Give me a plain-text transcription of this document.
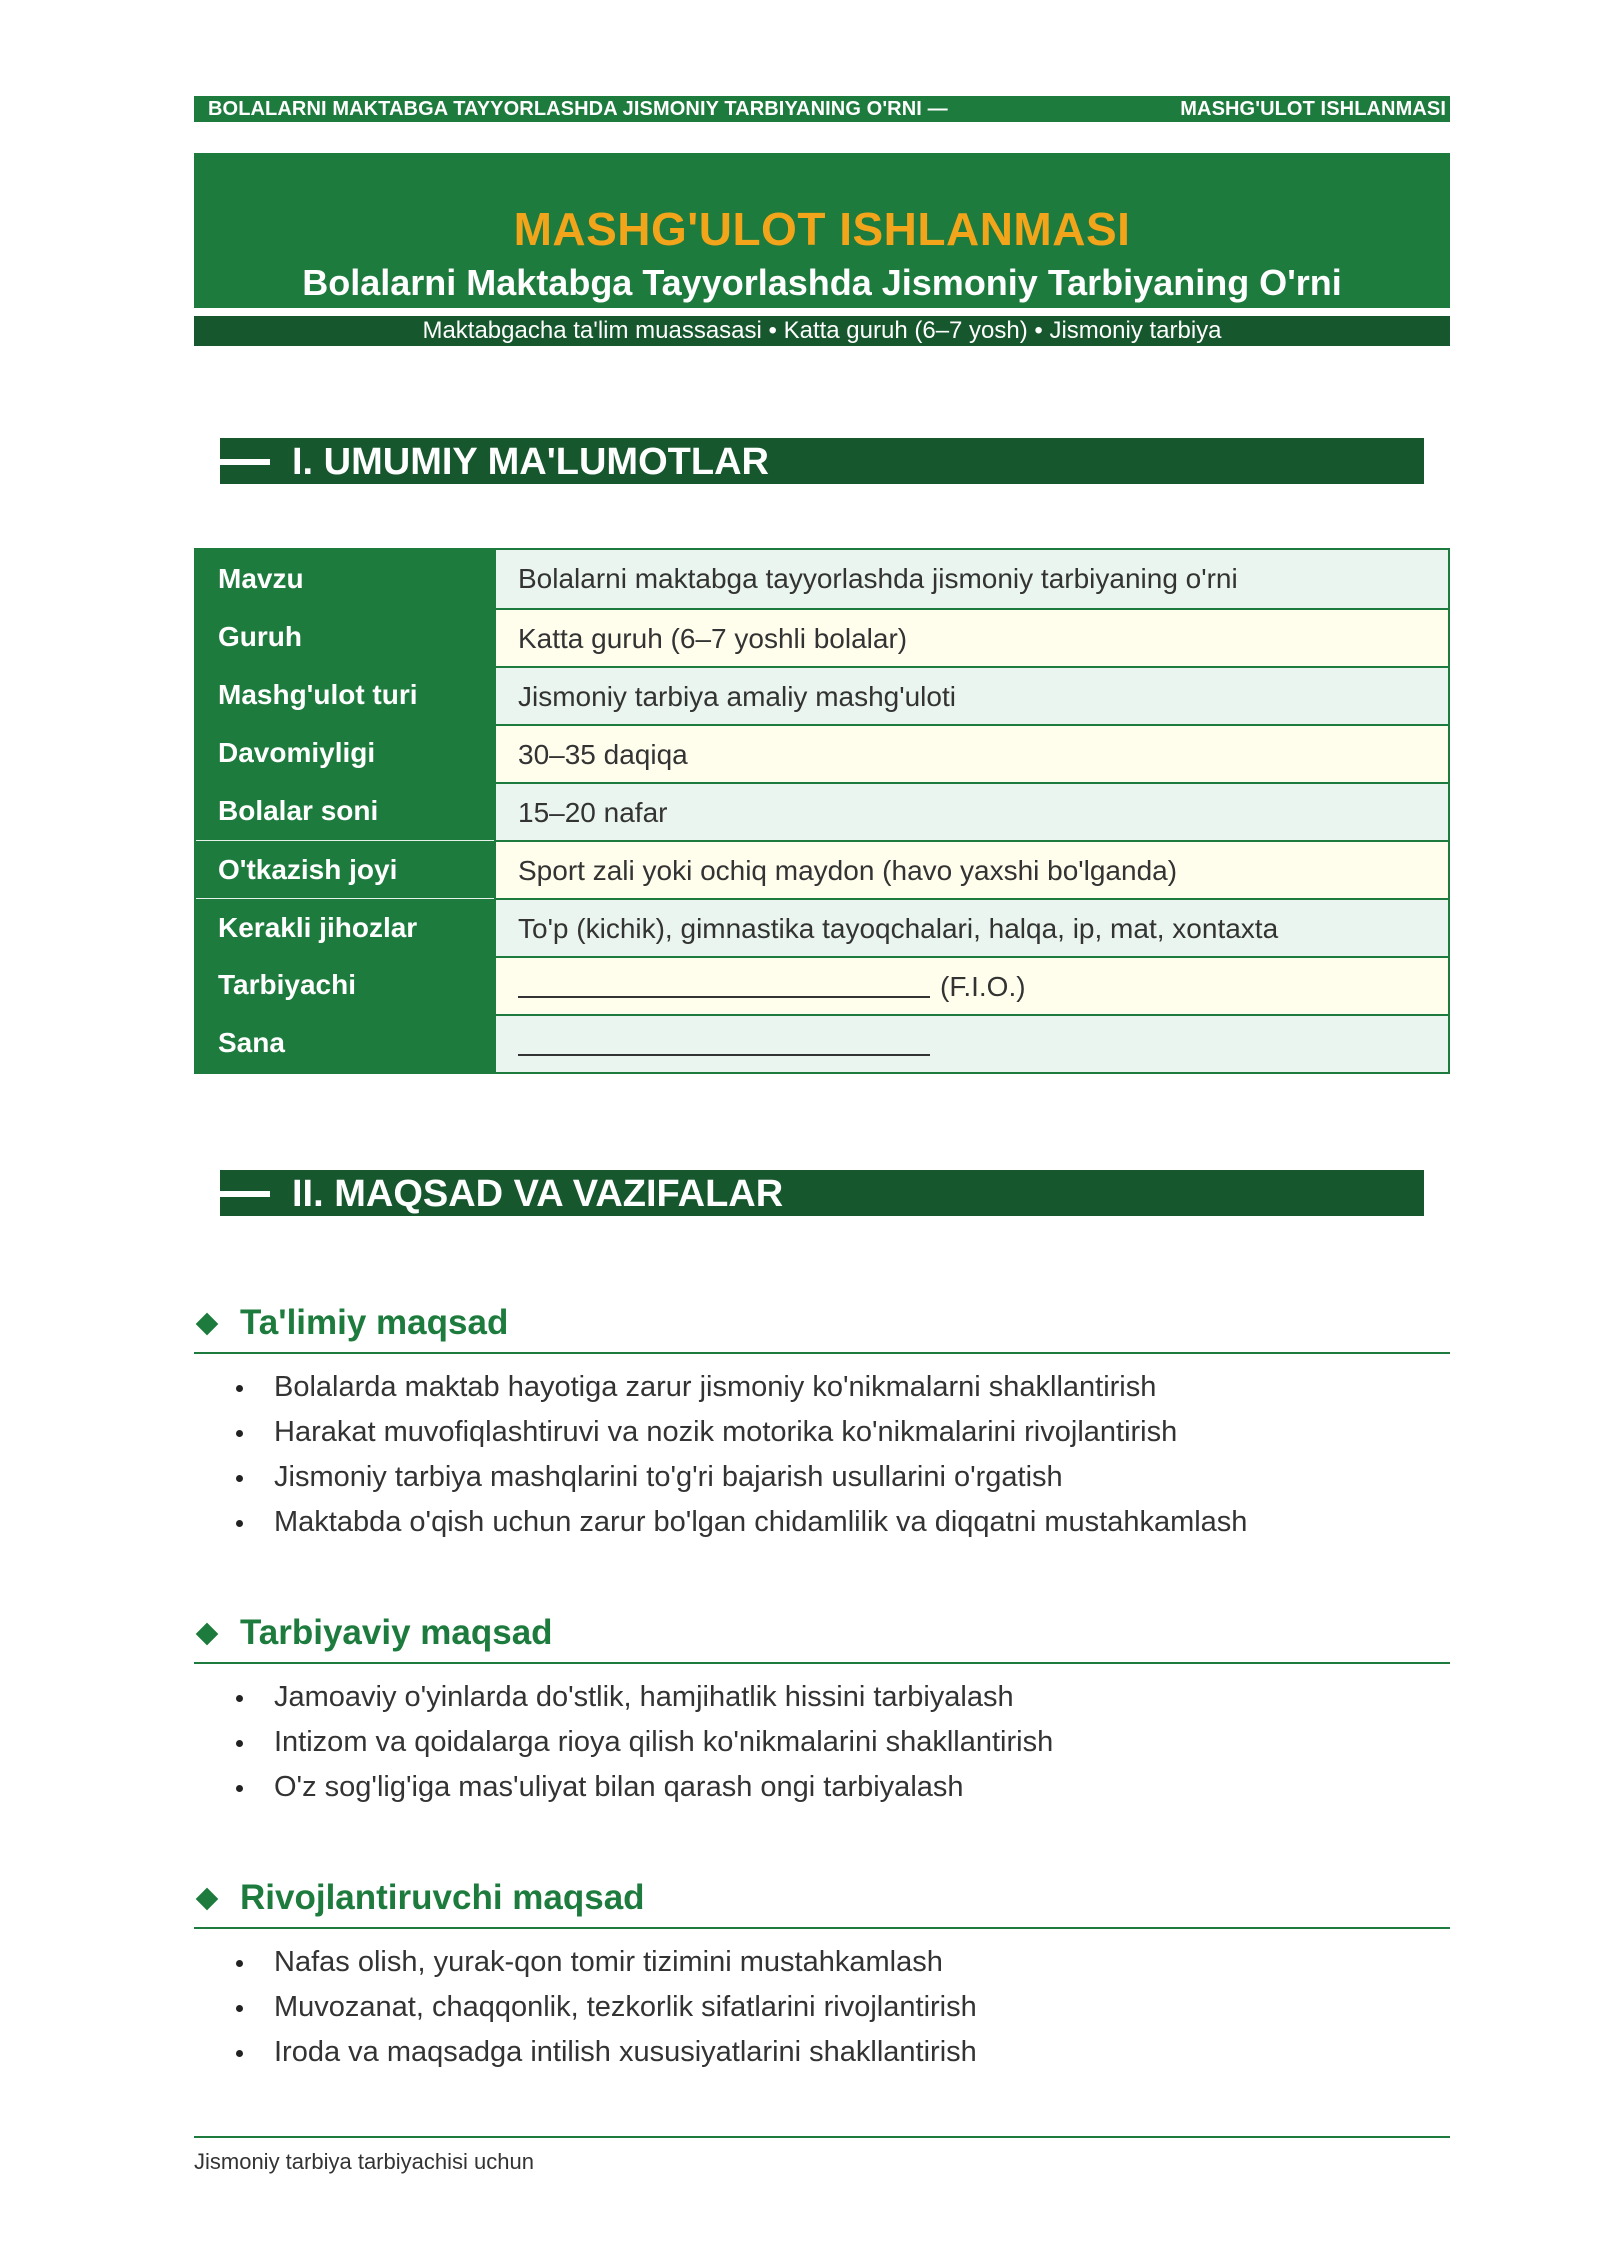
BOLALARNI MAKTABGA TAYYORLASHDA JISMONIY TARBIYANING O'RNI —	MASHG'ULOT ISHLANMASI
MASHG'ULOT ISHLANMASI
Bolalarni Maktabga Tayyorlashda Jismoniy Tarbiyaning O'rni
Maktabgacha ta'lim muassasasi • Katta guruh (6–7 yosh) • Jismoniy tarbiya
I. UMUMIY MA'LUMOTLAR
Mavzu	Bolalarni maktabga tayyorlashda jismoniy tarbiyaning o'rni
Guruh	Katta guruh (6–7 yoshli bolalar)
Mashg'ulot turi	Jismoniy tarbiya amaliy mashg'uloti
Davomiyligi	30–35 daqiqa
Bolalar soni	15–20 nafar
O'tkazish joyi	Sport zali yoki ochiq maydon (havo yaxshi bo'lganda)
Kerakli jihozlar	To'p (kichik), gimnastika tayoqchalari, halqa, ip, mat, xontaxta
Tarbiyachi	(F.I.O.)
Sana
II. MAQSAD VA VAZIFALAR
Ta'limiy maqsad
Bolalarda maktab hayotiga zarur jismoniy ko'nikmalarni shakllantirish
Harakat muvofiqlashtiruvi va nozik motorika ko'nikmalarini rivojlantirish
Jismoniy tarbiya mashqlarini to'g'ri bajarish usullarini o'rgatish
Maktabda o'qish uchun zarur bo'lgan chidamlilik va diqqatni mustahkamlash
Tarbiyaviy maqsad
Jamoaviy o'yinlarda do'stlik, hamjihatlik hissini tarbiyalash
Intizom va qoidalarga rioya qilish ko'nikmalarini shakllantirish
O'z sog'lig'iga mas'uliyat bilan qarash ongi tarbiyalash
Rivojlantiruvchi maqsad
Nafas olish, yurak-qon tomir tizimini mustahkamlash
Muvozanat, chaqqonlik, tezkorlik sifatlarini rivojlantirish
Iroda va maqsadga intilish xususiyatlarini shakllantirish
Jismoniy tarbiya tarbiyachisi uchun
